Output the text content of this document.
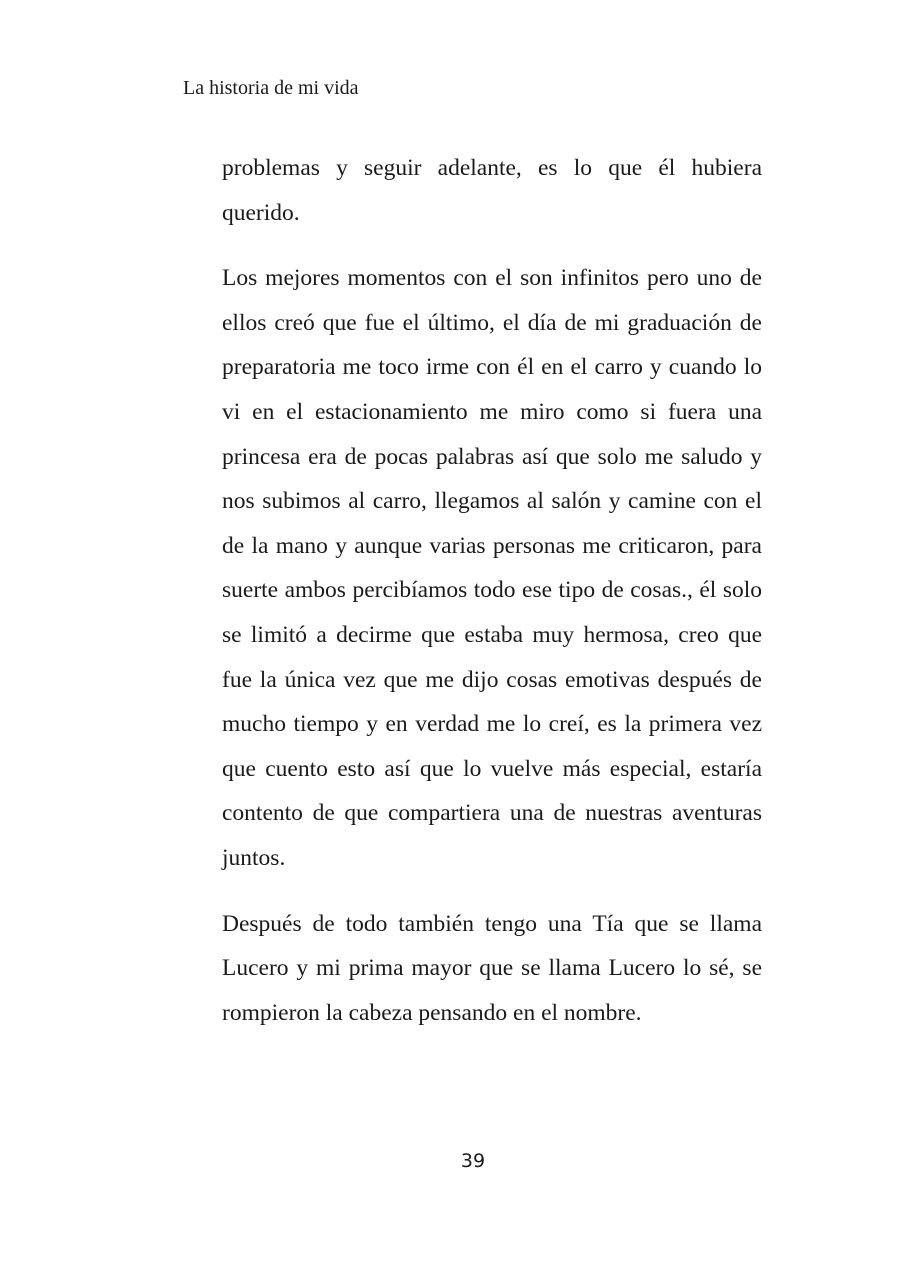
La historia de mi vida

problemas y seguir adelante, es lo que él hubiera querido.

Los mejores momentos con el son infinitos pero uno de ellos creó que fue el último, el día de mi graduación de preparatoria me toco irme con él en el carro y cuando lo vi en el estacionamiento me miro como si fuera una princesa era de pocas palabras así que solo me saludo y nos subimos al carro, llegamos al salón y camine con el de la mano y aunque varias personas me criticaron, para suerte ambos percibíamos todo ese tipo de cosas., él solo se limitó a decirme que estaba muy hermosa, creo que fue la única vez que me dijo cosas emotivas después de mucho tiempo y en verdad me lo creí, es la primera vez que cuento esto así que lo vuelve más especial, estaría contento de que compartiera una de nuestras aventuras juntos.

Después de todo también tengo una Tía que se llama Lucero y mi prima mayor que se llama Lucero lo sé, se rompieron la cabeza pensando en el nombre.

39
